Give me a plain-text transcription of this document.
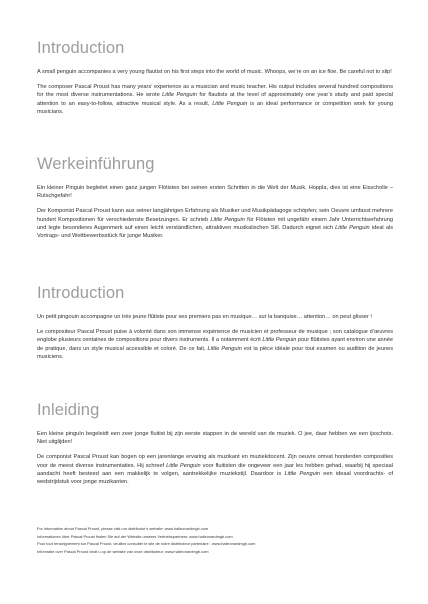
Introduction

A small penguin accompanies a very young flautist on his first steps into the world of music. Whoops, we’re on an ice floe. Be careful not to slip!

The composer Pascal Proust has many years’ experience as a musician and music teacher. His output includes several hundred compositions for the most diverse instrumentations. He wrote Little Penguin for flautists at the level of approximately one year’s study and paid special attention to an easy-to-follow, attractive musical style. As a result, Little Penguin is an ideal performance or competition work for young musicians.

Werkeinführung

Ein kleiner Pinguin begleitet einen ganz jungen Flötisten bei seinen ersten Schritten in die Welt der Musik. Hoppla, dies ist eine Eisscholle – Rutschgefahr!

Der Komponist Pascal Proust kann aus seiner langjährigen Erfahrung als Musiker und Musikpädagoge schöpfen; sein Oeuvre umfasst mehrere hundert Kompositionen für verschiedenste Besetzungen. Er schrieb Little Penguin für Flöisten mit ungefähr einem Jahr Unterrichtserfahrung und legte besonderes Augenmerk auf einen leicht verständlichen, attraktiven musikalischen Stil. Dadurch eignet sich Little Penguin ideal als Vortrags- und Wettbewerbsstück für junge Musiker.

Introduction

Un petit pingouin accompagne un très jeune flûtiste pour ses premiers pas en musique… sur la banquise… attention… on peut glisser !

Le compositeur Pascal Proust puise à volonté dans son immense expérience de musicien et professeur de musique ; son catalogue d’œuvres englobe plusieurs centaines de compositions pour divers instruments. Il a notamment écrit Little Penguin pour flûtistes ayant environ une année de pratique, dans un style musical accessible et coloré. De ce fait, Little Penguin est la pièce idéale pour tout examen ou audition de jeunes musiciens.

Inleiding

Een kleine pinguïn begeleidt een zeer jonge fluitist bij zijn eerste stappen in de wereld van de muziek. O jee, daar hebben we een ijsschots. Niet uitglijden!

De componist Pascal Proust kan bogen op een jarenlange ervaring als muzikant en muziekdocent. Zijn oeuvre omvat honderden composities voor de meest diverse instrumentaties. Hij schreef Little Penguin voor fluitisten die ongeveer een jaar les hebben gehad, waarbij hij speciaal aandacht heeft besteed aan een makkelijk te volgen, aantrekkelijke muziekstijl. Daardoor is Little Penguin een ideaal voordrachts- of wedstrijdstuk voor jonge muzikanten.

For information about Pascal Proust, please visit our distributor’s website: www.halleonardmgb.com

Informationen über Pascal Proust finden Sie auf der Website unseres Vertriebspartners: www.halleonardmgb.com

Pour tout renseignement sur Pascal Proust, veuillez consulter le site de notre distributeur partenaire : www.halleonardmgb.com

Informatie over Pascal Proust vindt u op de website van onze distributeur: www.halleonardmgb.com
